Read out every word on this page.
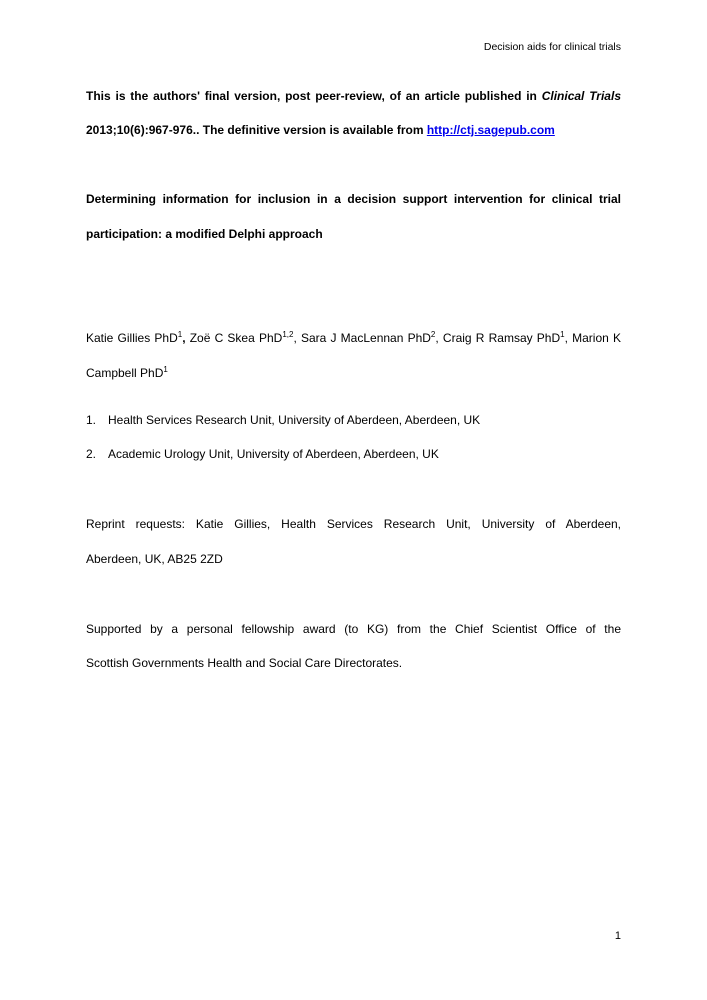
Decision aids for clinical trials
This is the authors' final version, post peer-review, of an article published in Clinical Trials
2013;10(6):967-976.. The definitive version is available from http://ctj.sagepub.com
Determining information for inclusion in a decision support intervention for clinical trial
participation: a modified Delphi approach
Katie Gillies PhD$^1$, Zoë C Skea PhD$^{1,2}$, Sara J MacLennan PhD$^2$, Craig R Ramsay PhD$^1$, Marion K
Campbell PhD$^1$
1. Health Services Research Unit, University of Aberdeen, Aberdeen, UK
2. Academic Urology Unit, University of Aberdeen, Aberdeen, UK
Reprint requests: Katie Gillies, Health Services Research Unit, University of Aberdeen,
Aberdeen, UK, AB25 2ZD
Supported by a personal fellowship award (to KG) from the Chief Scientist Office of the
Scottish Governments Health and Social Care Directorates.
1
